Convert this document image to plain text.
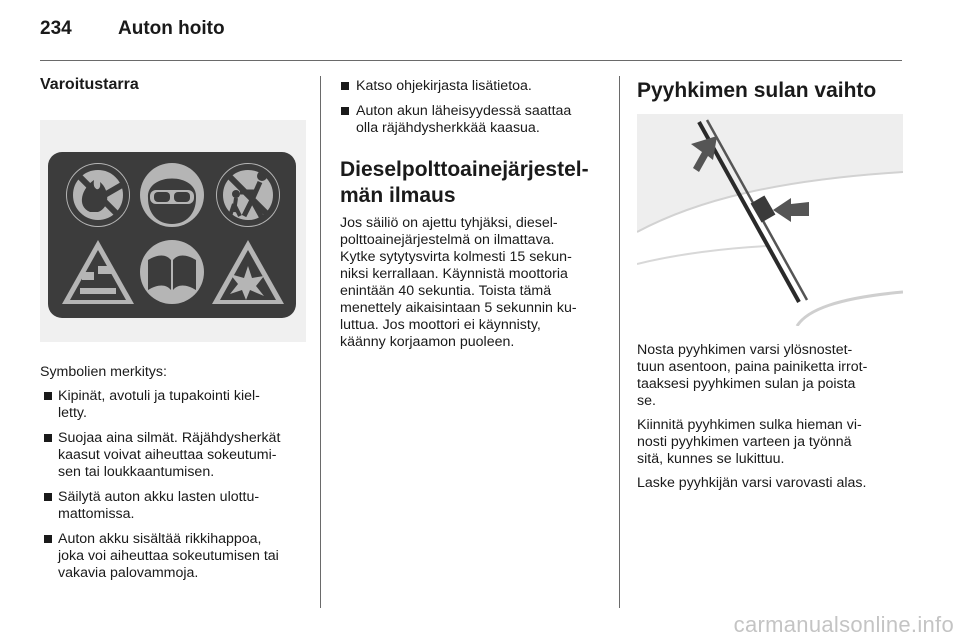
234 Auton hoito
Varoitustarra

Symbolien merkitys:

Kipinät, avotuli ja tupakointi kiel-
letty.
Suojaa aina silmät. Räjähdysherkät
kaasut voivat aiheuttaa sokeutumi-
sen tai loukkaantumisen.
Säilytä auton akku lasten ulottu-
mattomissa.
Auton akku sisältää rikkihappoa,
joka voi aiheuttaa sokeutumisen tai
vakavia palovammoja.
Katso ohjekirjasta lisätietoa.
Auton akun läheisyydessä saattaa
olla räjähdysherkkää kaasua.
Dieselpolttoainejärjestel-
män ilmaus

Jos säiliö on ajettu tyhjäksi, diesel-
polttoainejärjestelmä on ilmattava.
Kytke sytytysvirta kolmesti 15 sekun-
niksi kerrallaan. Käynnistä moottoria
enintään 40 sekuntia. Toista tämä
menettely aikaisintaan 5 sekunnin ku-
luttua. Jos moottori ei käynnisty,
käänny korjaamon puoleen.

Pyyhkimen sulan vaihto

Nosta pyyhkimen varsi ylösnostet-
tuun asentoon, paina painiketta irrot-
taaksesi pyyhkimen sulan ja poista
se.

Kiinnitä pyyhkimen sulka hieman vi-
nosti pyyhkimen varteen ja työnnä
sitä, kunnes se lukittuu.

Laske pyyhkijän varsi varovasti alas.

carmanualsonline.info
